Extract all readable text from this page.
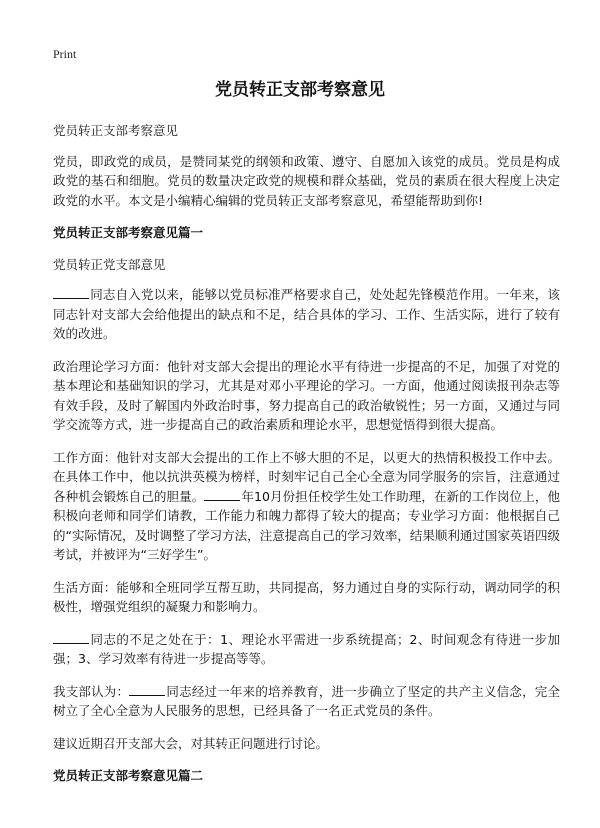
Print
党员转正支部考察意见

党员转正支部考察意见

党员，即政党的成员，是赞同某党的纲领和政策、遵守、自愿加入该党的成员。党员是构成政党的基石和细胞。党员的数量决定政党的规模和群众基础，党员的素质在很大程度上决定政党的水平。本文是小编精心编辑的党员转正支部考察意见，希望能帮助到你!

党员转正支部考察意见篇一

党员转正党支部意见

同志自入党以来，能够以党员标准严格要求自己，处处起先锋模范作用。一年来，该同志针对支部大会给他提出的缺点和不足，结合具体的学习、工作、生活实际，进行了较有效的改进。

政治理论学习方面：他针对支部大会提出的理论水平有待进一步提高的不足，加强了对党的基本理论和基础知识的学习，尤其是对邓小平理论的学习。一方面，他通过阅读报刊杂志等有效手段，及时了解国内外政治时事，努力提高自己的政治敏锐性；另一方面，又通过与同学交流等方式，进一步提高自己的政治素质和理论水平，思想觉悟得到很大提高。

工作方面：他针对支部大会提出的工作上不够大胆的不足，以更大的热情积极投工作中去。在具体工作中，他以抗洪英模为榜样，时刻牢记自己全心全意为同学服务的宗旨，注意通过各种机会锻炼自己的胆量。	年10月份担任校学生处工作助理，在新的工作岗位上，他积极向老师和同学们请教，工作能力和魄力都得了较大的提高；专业学习方面：他根据自己的“实际情况，及时调整了学习方法，注意提高自己的学习效率，结果顺利通过国家英语四级考试，并被评为“三好学生”。

生活方面：能够和全班同学互帮互助，共同提高，努力通过自身的实际行动，调动同学的积极性，增强党组织的凝聚力和影响力。

同志的不足之处在于：1、理论水平需进一步系统提高；2、时间观念有待进一步加强；3、学习效率有待进一步提高等等。

我支部认为：	同志经过一年来的培养教育，进一步确立了坚定的共产主义信念，完全树立了全心全意为人民服务的思想，已经具备了一名正式党员的条件。

建议近期召开支部大会，对其转正问题进行讨论。

党员转正支部考察意见篇二
